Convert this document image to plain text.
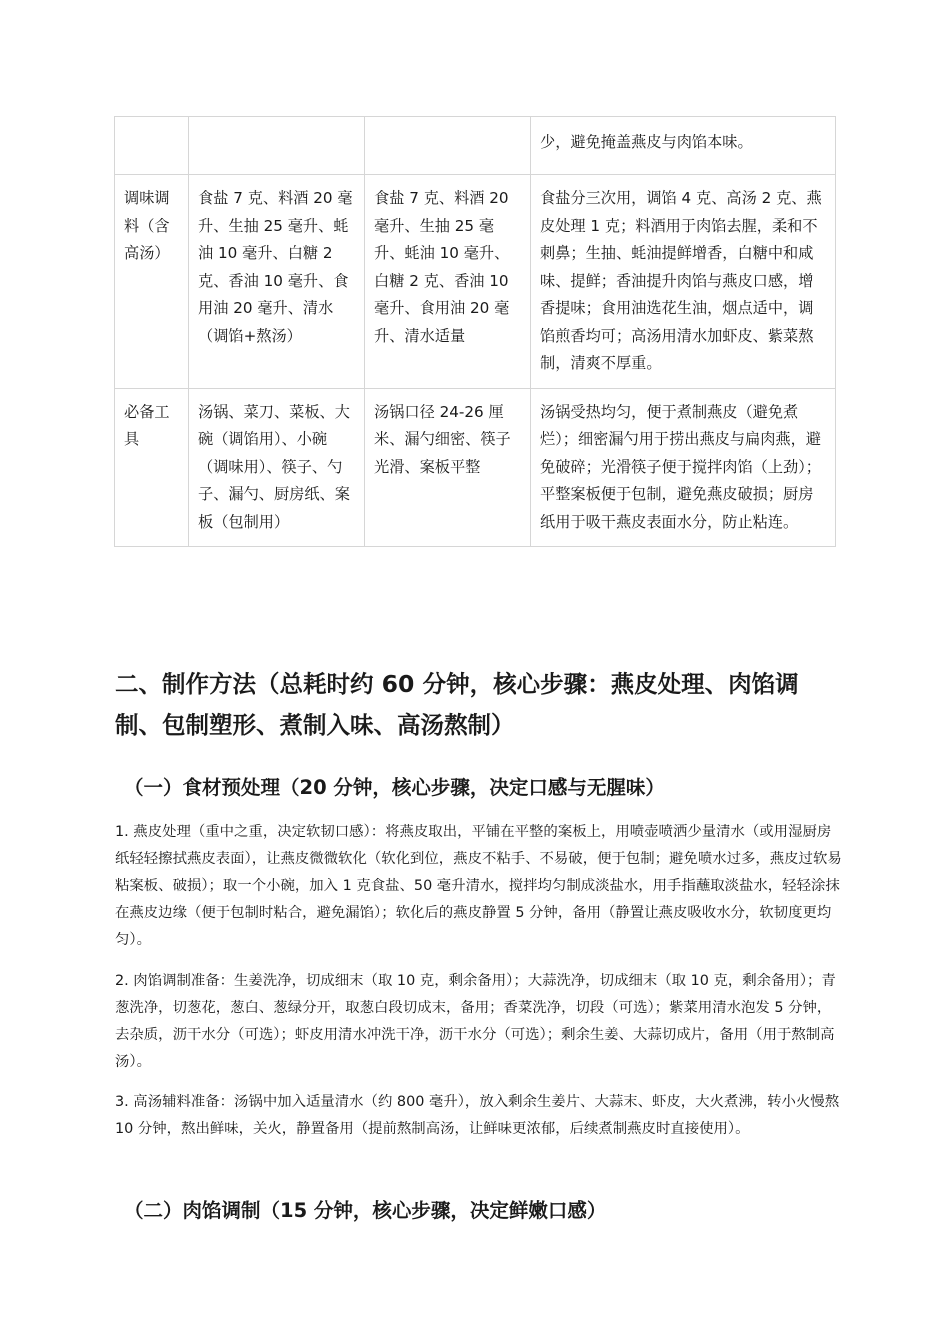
			少，避免掩盖燕皮与肉馅本味。
调味调料（含高汤）	食盐 7 克、料酒 20 毫升、生抽 25 毫升、蚝油 10 毫升、白糖 2 克、香油 10 毫升、食用油 20 毫升、清水（调馅+熬汤）	食盐 7 克、料酒 20 毫升、生抽 25 毫升、蚝油 10 毫升、白糖 2 克、香油 10 毫升、食用油 20 毫升、清水适量	食盐分三次用，调馅 4 克、高汤 2 克、燕皮处理 1 克；料酒用于肉馅去腥，柔和不刺鼻；生抽、蚝油提鲜增香，白糖中和咸味、提鲜；香油提升肉馅与燕皮口感，增香提味；食用油选花生油，烟点适中，调馅煎香均可；高汤用清水加虾皮、紫菜熬制，清爽不厚重。
必备工具	汤锅、菜刀、菜板、大碗（调馅用）、小碗（调味用）、筷子、勺子、漏勺、厨房纸、案板（包制用）	汤锅口径 24-26 厘米、漏勺细密、筷子光滑、案板平整	汤锅受热均匀，便于煮制燕皮（避免煮烂）；细密漏勺用于捞出燕皮与扁肉燕，避免破碎；光滑筷子便于搅拌肉馅（上劲）；平整案板便于包制，避免燕皮破损；厨房纸用于吸干燕皮表面水分，防止粘连。
二、制作方法（总耗时约 60 分钟，核心步骤：燕皮处理、肉馅调制、包制塑形、煮制入味、高汤熬制）
（一）食材预处理（20 分钟，核心步骤，决定口感与无腥味）

1. 燕皮处理（重中之重，决定软韧口感）：将燕皮取出，平铺在平整的案板上，用喷壶喷洒少量清水（或用湿厨房纸轻轻擦拭燕皮表面），让燕皮微微软化（软化到位，燕皮不粘手、不易破，便于包制；避免喷水过多，燕皮过软易粘案板、破损）；取一个小碗，加入 1 克食盐、50 毫升清水，搅拌均匀制成淡盐水，用手指蘸取淡盐水，轻轻涂抹在燕皮边缘（便于包制时粘合，避免漏馅）；软化后的燕皮静置 5 分钟，备用（静置让燕皮吸收水分，软韧度更均匀）。

2. 肉馅调制准备：生姜洗净，切成细末（取 10 克，剩余备用）；大蒜洗净，切成细末（取 10 克，剩余备用）；青葱洗净，切葱花，葱白、葱绿分开，取葱白段切成末，备用；香菜洗净，切段（可选）；紫菜用清水泡发 5 分钟，去杂质，沥干水分（可选）；虾皮用清水冲洗干净，沥干水分（可选）；剩余生姜、大蒜切成片，备用（用于熬制高汤）。

3. 高汤辅料准备：汤锅中加入适量清水（约 800 毫升），放入剩余生姜片、大蒜末、虾皮，大火煮沸，转小火慢熬 10 分钟，熬出鲜味，关火，静置备用（提前熬制高汤，让鲜味更浓郁，后续煮制燕皮时直接使用）。

（二）肉馅调制（15 分钟，核心步骤，决定鲜嫩口感）
